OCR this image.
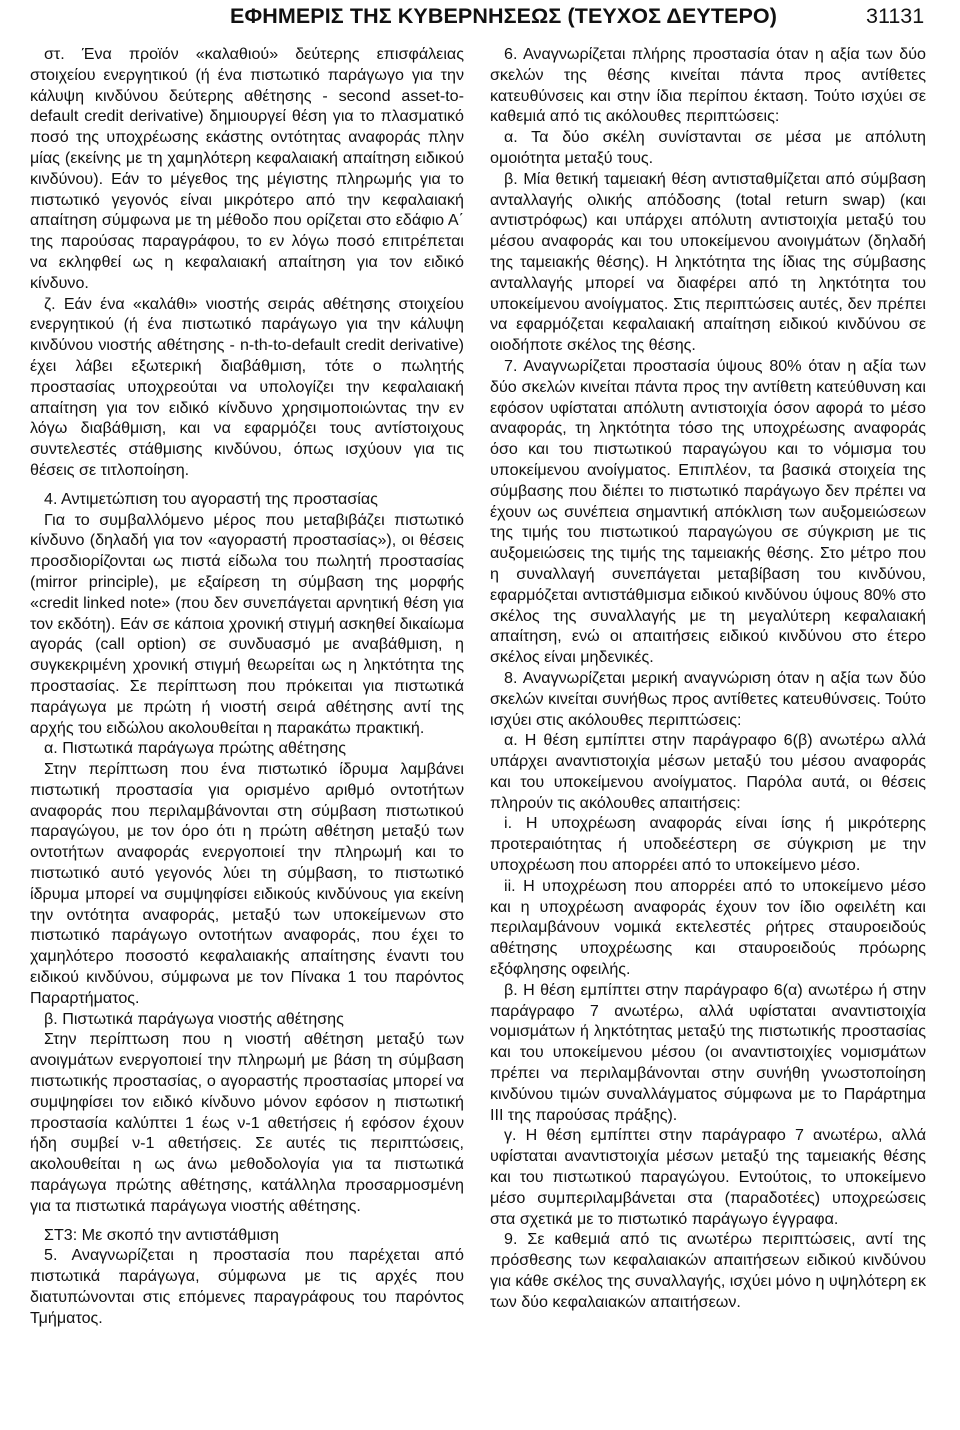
ΕΦΗΜΕΡΙΣ ΤΗΣ ΚΥΒΕΡΝΗΣΕΩΣ (ΤΕΥΧΟΣ ΔΕΥΤΕΡΟ)	31131

στ. Ένα προϊόν «καλαθιού» δεύτερης επισφάλειας στοιχείου ενεργητικού (ή ένα πιστωτικό παράγωγο για την κάλυψη κινδύνου δεύτερης αθέτησης - second asset-to-default credit derivative) δημιουργεί θέση για το πλασματικό ποσό της υποχρέωσης εκάστης οντότητας αναφοράς πλην μίας (εκείνης με τη χαμηλότερη κεφαλαιακή απαίτηση ειδικού κινδύνου). Εάν το μέγεθος της μέγιστης πληρωμής για το πιστωτικό γεγονός είναι μικρότερο από την κεφαλαιακή απαίτηση σύμφωνα με τη μέθοδο που ορίζεται στο εδάφιο Α΄ της παρούσας παραγράφου, το εν λόγω ποσό επιτρέπεται να εκληφθεί ως η κεφαλαιακή απαίτηση για τον ειδικό κίνδυνο.

ζ. Εάν ένα «καλάθι» νιοστής σειράς αθέτησης στοιχείου ενεργητικού (ή ένα πιστωτικό παράγωγο για την κάλυψη κινδύνου νιοστής αθέτησης - n-th-to-default credit derivative) έχει λάβει εξωτερική διαβάθμιση, τότε ο πωλητής προστασίας υποχρεούται να υπολογίζει την κεφαλαιακή απαίτηση για τον ειδικό κίνδυνο χρησιμοποιώντας την εν λόγω διαβάθμιση, και να εφαρμόζει τους αντίστοιχους συντελεστές στάθμισης κινδύνου, όπως ισχύουν για τις θέσεις σε τιτλοποίηση.

4. Αντιμετώπιση του αγοραστή της προστασίας

Για το συμβαλλόμενο μέρος που μεταβιβάζει πιστωτικό κίνδυνο (δηλαδή για τον «αγοραστή προστασίας»), οι θέσεις προσδιορίζονται ως πιστά είδωλα του πωλητή προστασίας (mirror principle), με εξαίρεση τη σύμβαση της μορφής «credit linked note» (που δεν συνεπάγεται αρνητική θέση για τον εκδότη). Εάν σε κάποια χρονική στιγμή ασκηθεί δικαίωμα αγοράς (call option) σε συνδυασμό με αναβάθμιση, η συγκεκριμένη χρονική στιγμή θεωρείται ως η ληκτότητα της προστασίας. Σε περίπτωση που πρόκειται για πιστωτικά παράγωγα με πρώτη ή νιοστή σειρά αθέτησης αντί της αρχής του ειδώλου ακολουθείται η παρακάτω πρακτική.

α. Πιστωτικά παράγωγα πρώτης αθέτησης

Στην περίπτωση που ένα πιστωτικό ίδρυμα λαμβάνει πιστωτική προστασία για ορισμένο αριθμό οντοτήτων αναφοράς που περιλαμβάνονται στη σύμβαση πιστωτικού παραγώγου, με τον όρο ότι η πρώτη αθέτηση μεταξύ των οντοτήτων αναφοράς ενεργοποιεί την πληρωμή και το πιστωτικό αυτό γεγονός λύει τη σύμβαση, το πιστωτικό ίδρυμα μπορεί να συμψηφίσει ειδικούς κινδύνους για εκείνη την οντότητα αναφοράς, μεταξύ των υποκείμενων στο πιστωτικό παράγωγο οντοτήτων αναφοράς, που έχει το χαμηλότερο ποσοστό κεφαλαιακής απαίτησης έναντι του ειδικού κινδύνου, σύμφωνα με τον Πίνακα 1 του παρόντος Παραρτήματος.

β. Πιστωτικά παράγωγα νιοστής αθέτησης

Στην περίπτωση που η νιοστή αθέτηση μεταξύ των ανοιγμάτων ενεργοποιεί την πληρωμή με βάση τη σύμβαση πιστωτικής προστασίας, ο αγοραστής προστασίας μπορεί να συμψηφίσει τον ειδικό κίνδυνο μόνον εφόσον η πιστωτική προστασία καλύπτει 1 έως ν-1 αθετήσεις ή εφόσον έχουν ήδη συμβεί ν-1 αθετήσεις. Σε αυτές τις περιπτώσεις, ακολουθείται η ως άνω μεθοδολογία για τα πιστωτικά παράγωγα πρώτης αθέτησης, κατάλληλα προσαρμοσμένη για τα πιστωτικά παράγωγα νιοστής αθέτησης.

ΣΤ3: Με σκοπό την αντιστάθμιση

5. Αναγνωρίζεται η προστασία που παρέχεται από πιστωτικά παράγωγα, σύμφωνα με τις αρχές που διατυπώνονται στις επόμενες παραγράφους του παρόντος Τμήματος.

6. Αναγνωρίζεται πλήρης προστασία όταν η αξία των δύο σκελών της θέσης κινείται πάντα προς αντίθετες κατευθύνσεις και στην ίδια περίπου έκταση. Τούτο ισχύει σε καθεμιά από τις ακόλουθες περιπτώσεις:

α. Τα δύο σκέλη συνίστανται σε μέσα με απόλυτη ομοιότητα μεταξύ τους.

β. Μία θετική ταμειακή θέση αντισταθμίζεται από σύμβαση ανταλλαγής ολικής απόδοσης (total return swap) (και αντιστρόφως) και υπάρχει απόλυτη αντιστοιχία μεταξύ του μέσου αναφοράς και του υποκείμενου ανοιγμάτων (δηλαδή της ταμειακής θέσης). Η ληκτότητα της ίδιας της σύμβασης ανταλλαγής μπορεί να διαφέρει από τη ληκτότητα του υποκείμενου ανοίγματος. Στις περιπτώσεις αυτές, δεν πρέπει να εφαρμόζεται κεφαλαιακή απαίτηση ειδικού κινδύνου σε οιοδήποτε σκέλος της θέσης.

7. Αναγνωρίζεται προστασία ύψους 80% όταν η αξία των δύο σκελών κινείται πάντα προς την αντίθετη κατεύθυνση και εφόσον υφίσταται απόλυτη αντιστοιχία όσον αφορά το μέσο αναφοράς, τη ληκτότητα τόσο της υποχρέωσης αναφοράς όσο και του πιστωτικού παραγώγου και το νόμισμα του υποκείμενου ανοίγματος. Επιπλέον, τα βασικά στοιχεία της σύμβασης που διέπει το πιστωτικό παράγωγο δεν πρέπει να έχουν ως συνέπεια σημαντική απόκλιση των αυξομειώσεων της τιμής του πιστωτικού παραγώγου σε σύγκριση με τις αυξομειώσεις της τιμής της ταμειακής θέσης. Στο μέτρο που η συναλλαγή συνεπάγεται μεταβίβαση του κινδύνου, εφαρμόζεται αντιστάθμισμα ειδικού κινδύνου ύψους 80% στο σκέλος της συναλλαγής με τη μεγαλύτερη κεφαλαιακή απαίτηση, ενώ οι απαιτήσεις ειδικού κινδύνου στο έτερο σκέλος είναι μηδενικές.

8. Αναγνωρίζεται μερική αναγνώριση όταν η αξία των δύο σκελών κινείται συνήθως προς αντίθετες κατευθύνσεις. Τούτο ισχύει στις ακόλουθες περιπτώσεις:

α. Η θέση εμπίπτει στην παράγραφο 6(β) ανωτέρω αλλά υπάρχει αναντιστοιχία μέσων μεταξύ του μέσου αναφοράς και του υποκείμενου ανοίγματος. Παρόλα αυτά, οι θέσεις πληρούν τις ακόλουθες απαιτήσεις:

i. Η υποχρέωση αναφοράς είναι ίσης ή μικρότερης προτεραιότητας ή υποδεέστερη σε σύγκριση με την υποχρέωση που απορρέει από το υποκείμενο μέσο.

ii. Η υποχρέωση που απορρέει από το υποκείμενο μέσο και η υποχρέωση αναφοράς έχουν τον ίδιο οφειλέτη και περιλαμβάνουν νομικά εκτελεστές ρήτρες σταυροειδούς αθέτησης υποχρέωσης και σταυροειδούς πρόωρης εξόφλησης οφειλής.

β. Η θέση εμπίπτει στην παράγραφο 6(α) ανωτέρω ή στην παράγραφο 7 ανωτέρω, αλλά υφίσταται αναντιστοιχία νομισμάτων ή ληκτότητας μεταξύ της πιστωτικής προστασίας και του υποκείμενου μέσου (οι αναντιστοιχίες νομισμάτων πρέπει να περιλαμβάνονται στην συνήθη γνωστοποίηση κινδύνου τιμών συναλλάγματος σύμφωνα με το Παράρτημα ΙΙΙ της παρούσας πράξης).

γ. Η θέση εμπίπτει στην παράγραφο 7 ανωτέρω, αλλά υφίσταται αναντιστοιχία μέσων μεταξύ της ταμειακής θέσης και του πιστωτικού παραγώγου. Εντούτοις, το υποκείμενο μέσο συμπεριλαμβάνεται στα (παραδοτέες) υποχρεώσεις στα σχετικά με το πιστωτικό παράγωγο έγγραφα.

9. Σε καθεμιά από τις ανωτέρω περιπτώσεις, αντί της πρόσθεσης των κεφαλαιακών απαιτήσεων ειδικού κινδύνου για κάθε σκέλος της συναλλαγής, ισχύει μόνο η υψηλότερη εκ των δύο κεφαλαιακών απαιτήσεων.
